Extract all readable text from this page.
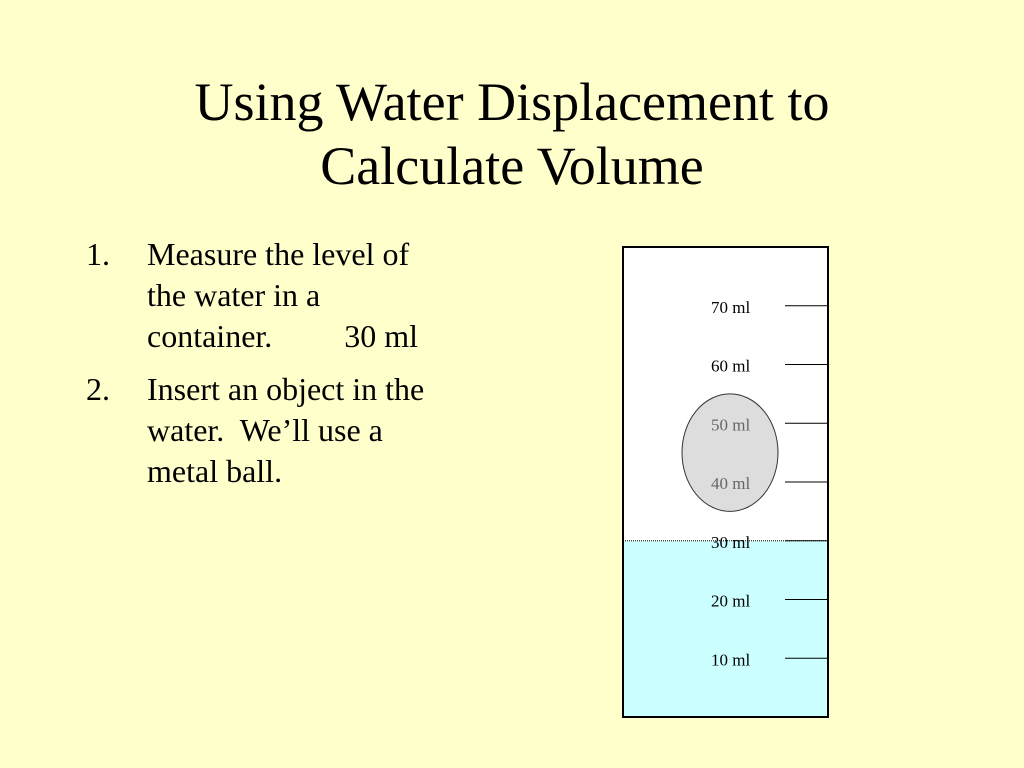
Using Water Displacement to
Calculate Volume
1. Measure the level of
the water in a
container.         30 ml
2. Insert an object in the
water.  We’ll use a
metal ball.
70 ml
60 ml
50 ml
40 ml
30 ml
20 ml
10 ml
